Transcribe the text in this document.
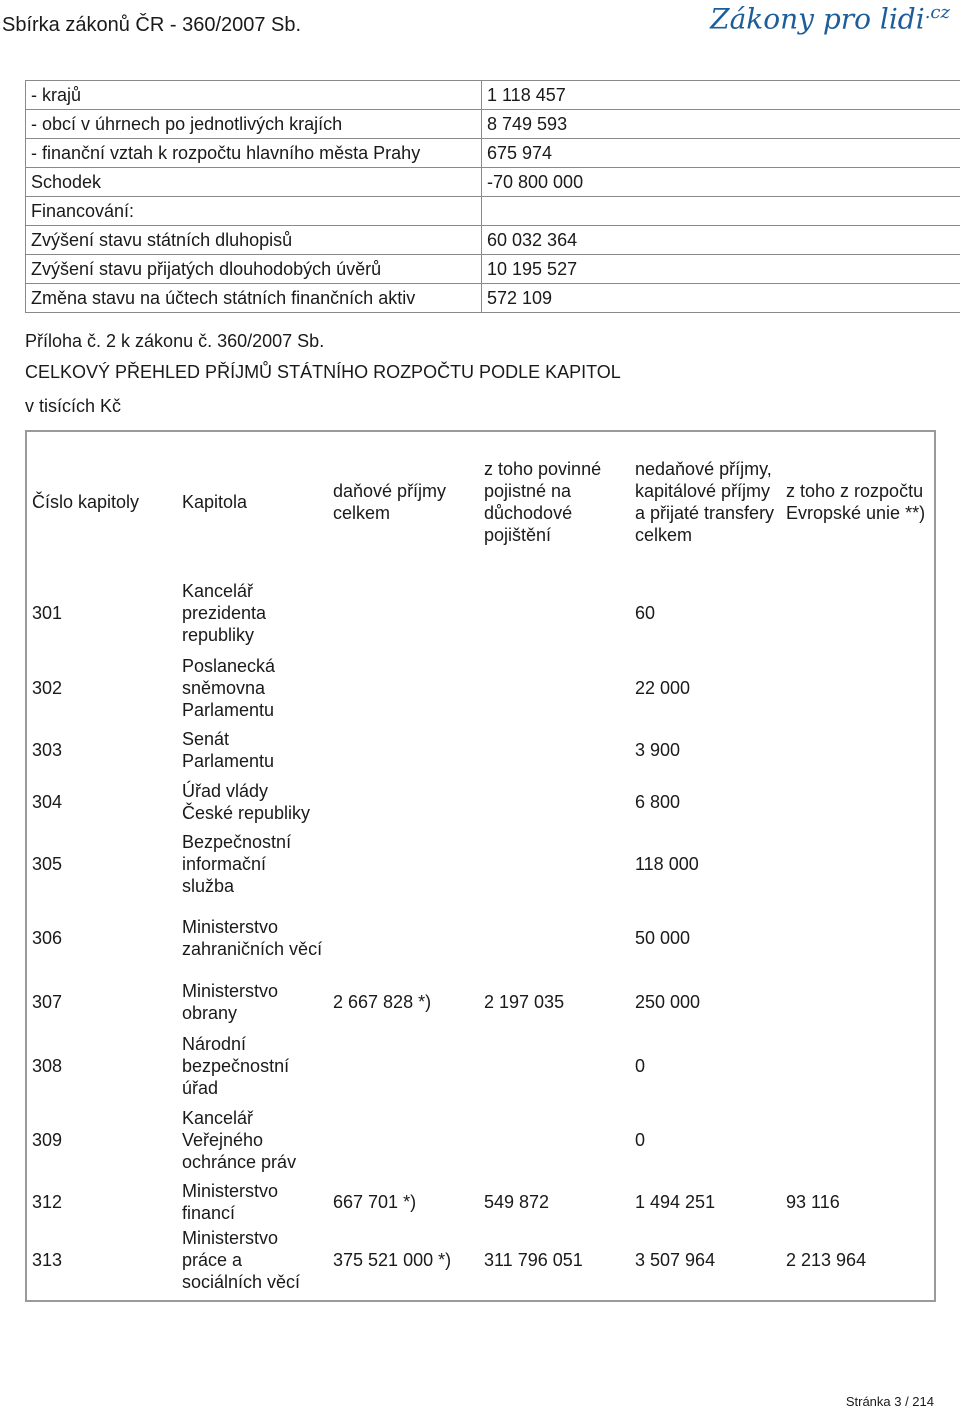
Sbírka zákonů ČR - 360/2007 Sb.	Zákony pro lidi$^{.cz}$
- krajů	1 118 457
- obcí v úhrnech po jednotlivých krajích	8 749 593
- finanční vztah k rozpočtu hlavního města Prahy	675 974
Schodek	-70 800 000
Financování:	
Zvýšení stavu státních dluhopisů	60 032 364
Zvýšení stavu přijatých dlouhodobých úvěrů	10 195 527
Změna stavu na účtech státních finančních aktiv	572 109
Příloha č. 2 k zákonu č. 360/2007 Sb.
CELKOVÝ PŘEHLED PŘÍJMŮ STÁTNÍHO ROZPOČTU PODLE KAPITOL
v tisících Kč
Číslo kapitoly	Kapitola	daňové příjmy celkem	z toho povinné pojistné na důchodové pojištění	nedaňové příjmy, kapitálové příjmy a přijaté transfery celkem	z toho z rozpočtu Evropské unie **)
301	Kancelář prezidenta republiky			60	
302	Poslanecká sněmovna Parlamentu			22 000	
303	Senát Parlamentu			3 900	
304	Úřad vlády České republiky			6 800	
305	Bezpečnostní informační služba			118 000	
306	Ministerstvo zahraničních věcí			50 000	
307	Ministerstvo obrany	2 667 828 *)	2 197 035	250 000	
308	Národní bezpečnostní úřad			0	
309	Kancelář Veřejného ochránce práv			0	
312	Ministerstvo financí	667 701 *)	549 872	1 494 251	93 116
313	Ministerstvo práce a sociálních věcí	375 521 000 *)	311 796 051	3 507 964	2 213 964
Stránka 3 / 214
